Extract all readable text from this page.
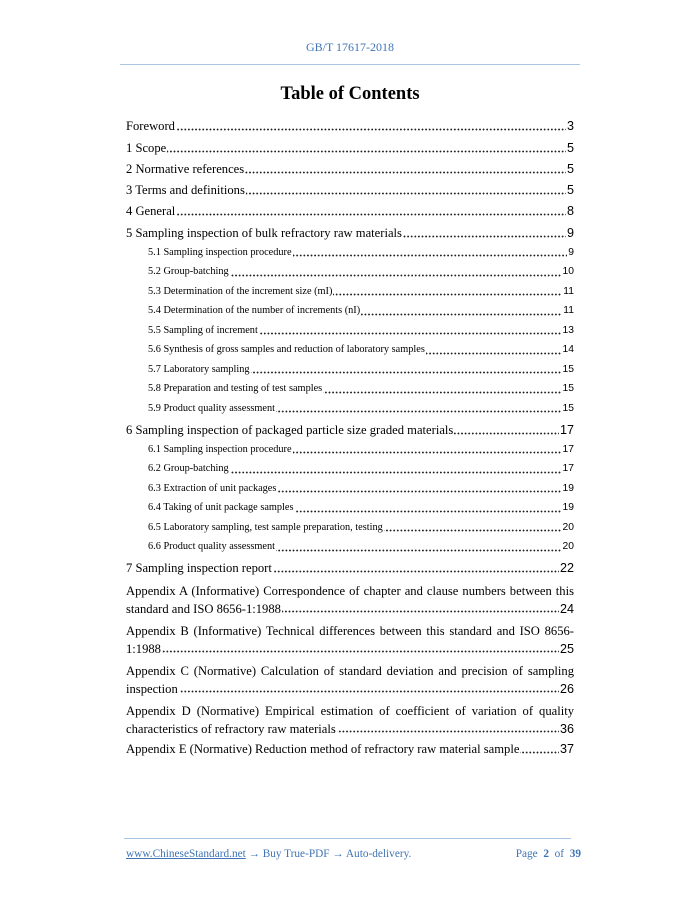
GB/T 17617-2018
Table of Contents
Foreword	3
1 Scope	5
2 Normative references	5
3 Terms and definitions	5
4 General	8
5 Sampling inspection of bulk refractory raw materials	9
5.1 Sampling inspection procedure	9
5.2 Group-batching	10
5.3 Determination of the increment size (mI)	11
5.4 Determination of the number of increments (nI)	11
5.5 Sampling of increment	13
5.6 Synthesis of gross samples and reduction of laboratory samples	14
5.7 Laboratory sampling	15
5.8 Preparation and testing of test samples	15
5.9 Product quality assessment	15
6 Sampling inspection of packaged particle size graded materials	17
6.1 Sampling inspection procedure	17
6.2 Group-batching	17
6.3 Extraction of unit packages	19
6.4 Taking of unit package samples	19
6.5 Laboratory sampling, test sample preparation, testing	20
6.6 Product quality assessment	20
7 Sampling inspection report	22
Appendix A (Informative) Correspondence of chapter and clause numbers between this standard and ISO 8656-1:1988	24
Appendix B (Informative) Technical differences between this standard and ISO 8656-1:1988	25
Appendix C (Normative) Calculation of standard deviation and precision of sampling inspection	26
Appendix D (Normative) Empirical estimation of coefficient of variation of quality characteristics of refractory raw materials	36
Appendix E (Normative) Reduction method of refractory raw material sample	37
www.ChineseStandard.net → Buy True-PDF → Auto-delivery.	Page 2 of 39
